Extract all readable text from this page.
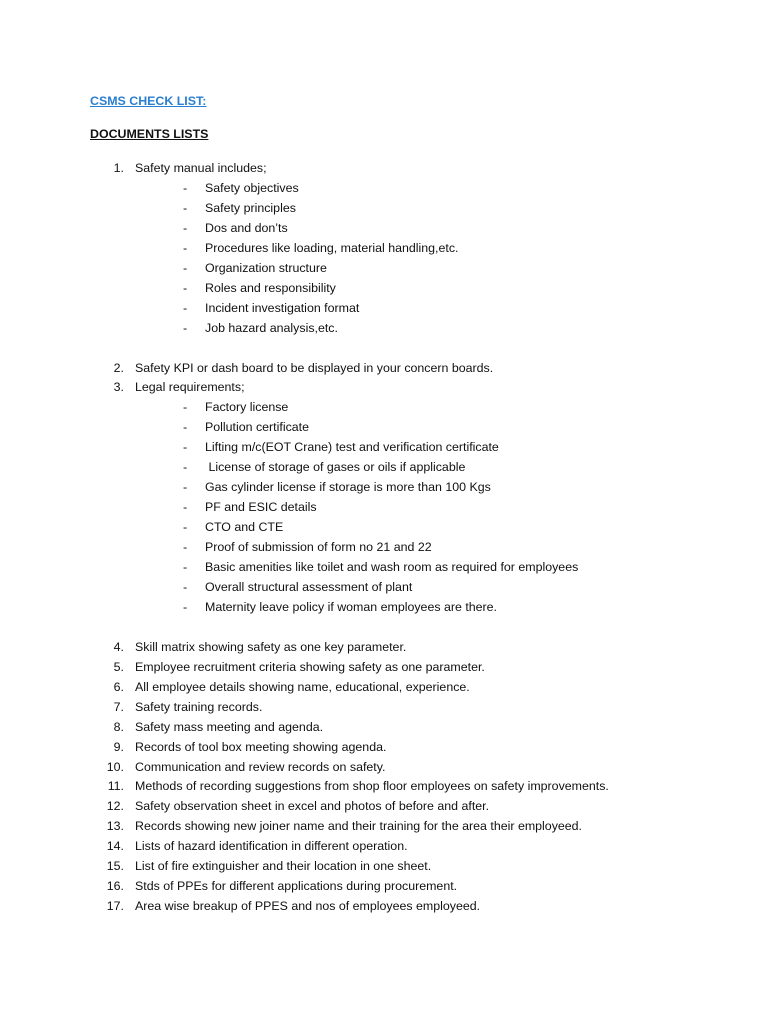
CSMS CHECK LIST:
DOCUMENTS LISTS
1. Safety manual includes;
- Safety objectives
- Safety principles
- Dos and don’ts
- Procedures like loading, material handling,etc.
- Organization structure
- Roles and responsibility
- Incident investigation format
- Job hazard analysis,etc.
2. Safety KPI or dash board to be displayed in your concern boards.
3. Legal requirements;
- Factory license
- Pollution certificate
- Lifting m/c(EOT Crane) test and verification certificate
- License of storage of gases or oils if applicable
- Gas cylinder license if storage is more than 100 Kgs
- PF and ESIC details
- CTO and CTE
- Proof of submission of form no 21 and 22
- Basic amenities like toilet and wash room as required for employees
- Overall structural assessment of plant
- Maternity leave policy if woman employees are there.
4. Skill matrix showing safety as one key parameter.
5. Employee recruitment criteria showing safety as one parameter.
6. All employee details showing name, educational, experience.
7. Safety training records.
8. Safety mass meeting and agenda.
9. Records of tool box meeting showing agenda.
10. Communication and review records on safety.
11. Methods of recording suggestions from shop floor employees on safety improvements.
12. Safety observation sheet in excel and photos of before and after.
13. Records showing new joiner name and their training for the area their employeed.
14. Lists of hazard identification in different operation.
15. List of fire extinguisher and their location in one sheet.
16. Stds of PPEs for different applications during procurement.
17. Area wise breakup of PPES and nos of employees employeed.
